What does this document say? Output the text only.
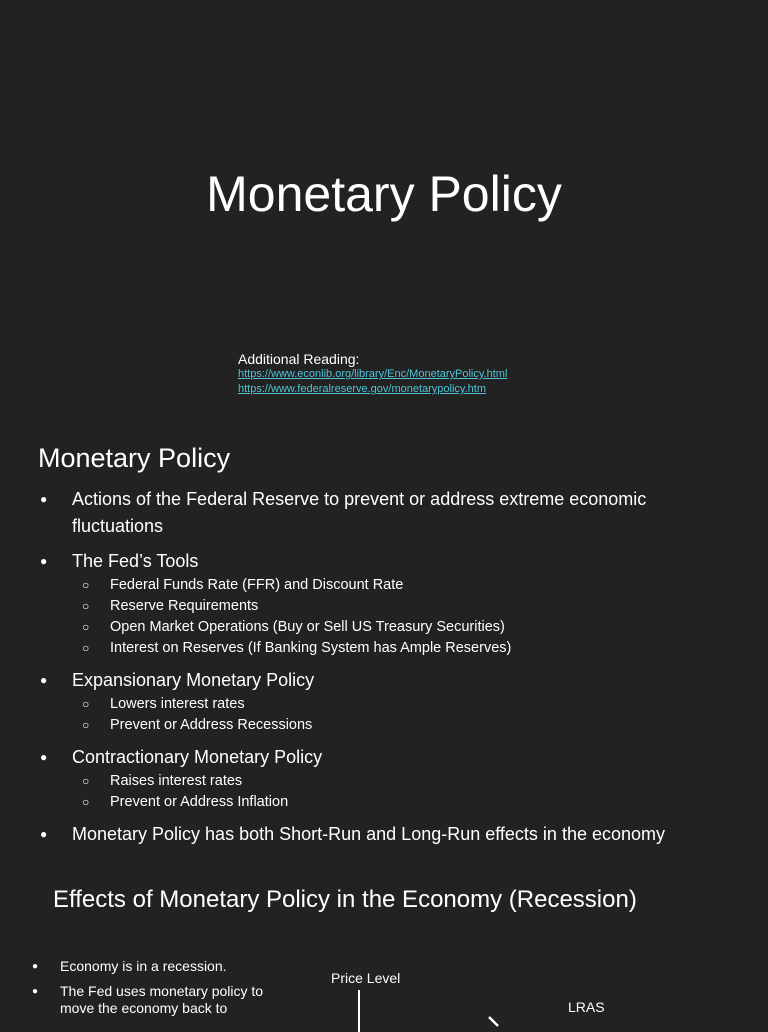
Monetary Policy
Additional Reading:
https://www.econlib.org/library/Enc/MonetaryPolicy.html
https://www.federalreserve.gov/monetarypolicy.htm
Monetary Policy
● Actions of the Federal Reserve to prevent or address extreme economic fluctuations
● The Fed’s Tools
○ Federal Funds Rate (FFR) and Discount Rate
○ Reserve Requirements
○ Open Market Operations (Buy or Sell US Treasury Securities)
○ Interest on Reserves (If Banking System has Ample Reserves)
● Expansionary Monetary Policy
○ Lowers interest rates
○ Prevent or Address Recessions
● Contractionary Monetary Policy
○ Raises interest rates
○ Prevent or Address Inflation
● Monetary Policy has both Short-Run and Long-Run effects in the economy
Effects of Monetary Policy in the Economy (Recession)
● Economy is in a recession.
● The Fed uses monetary policy to move the economy back to
Price Level
LRAS
